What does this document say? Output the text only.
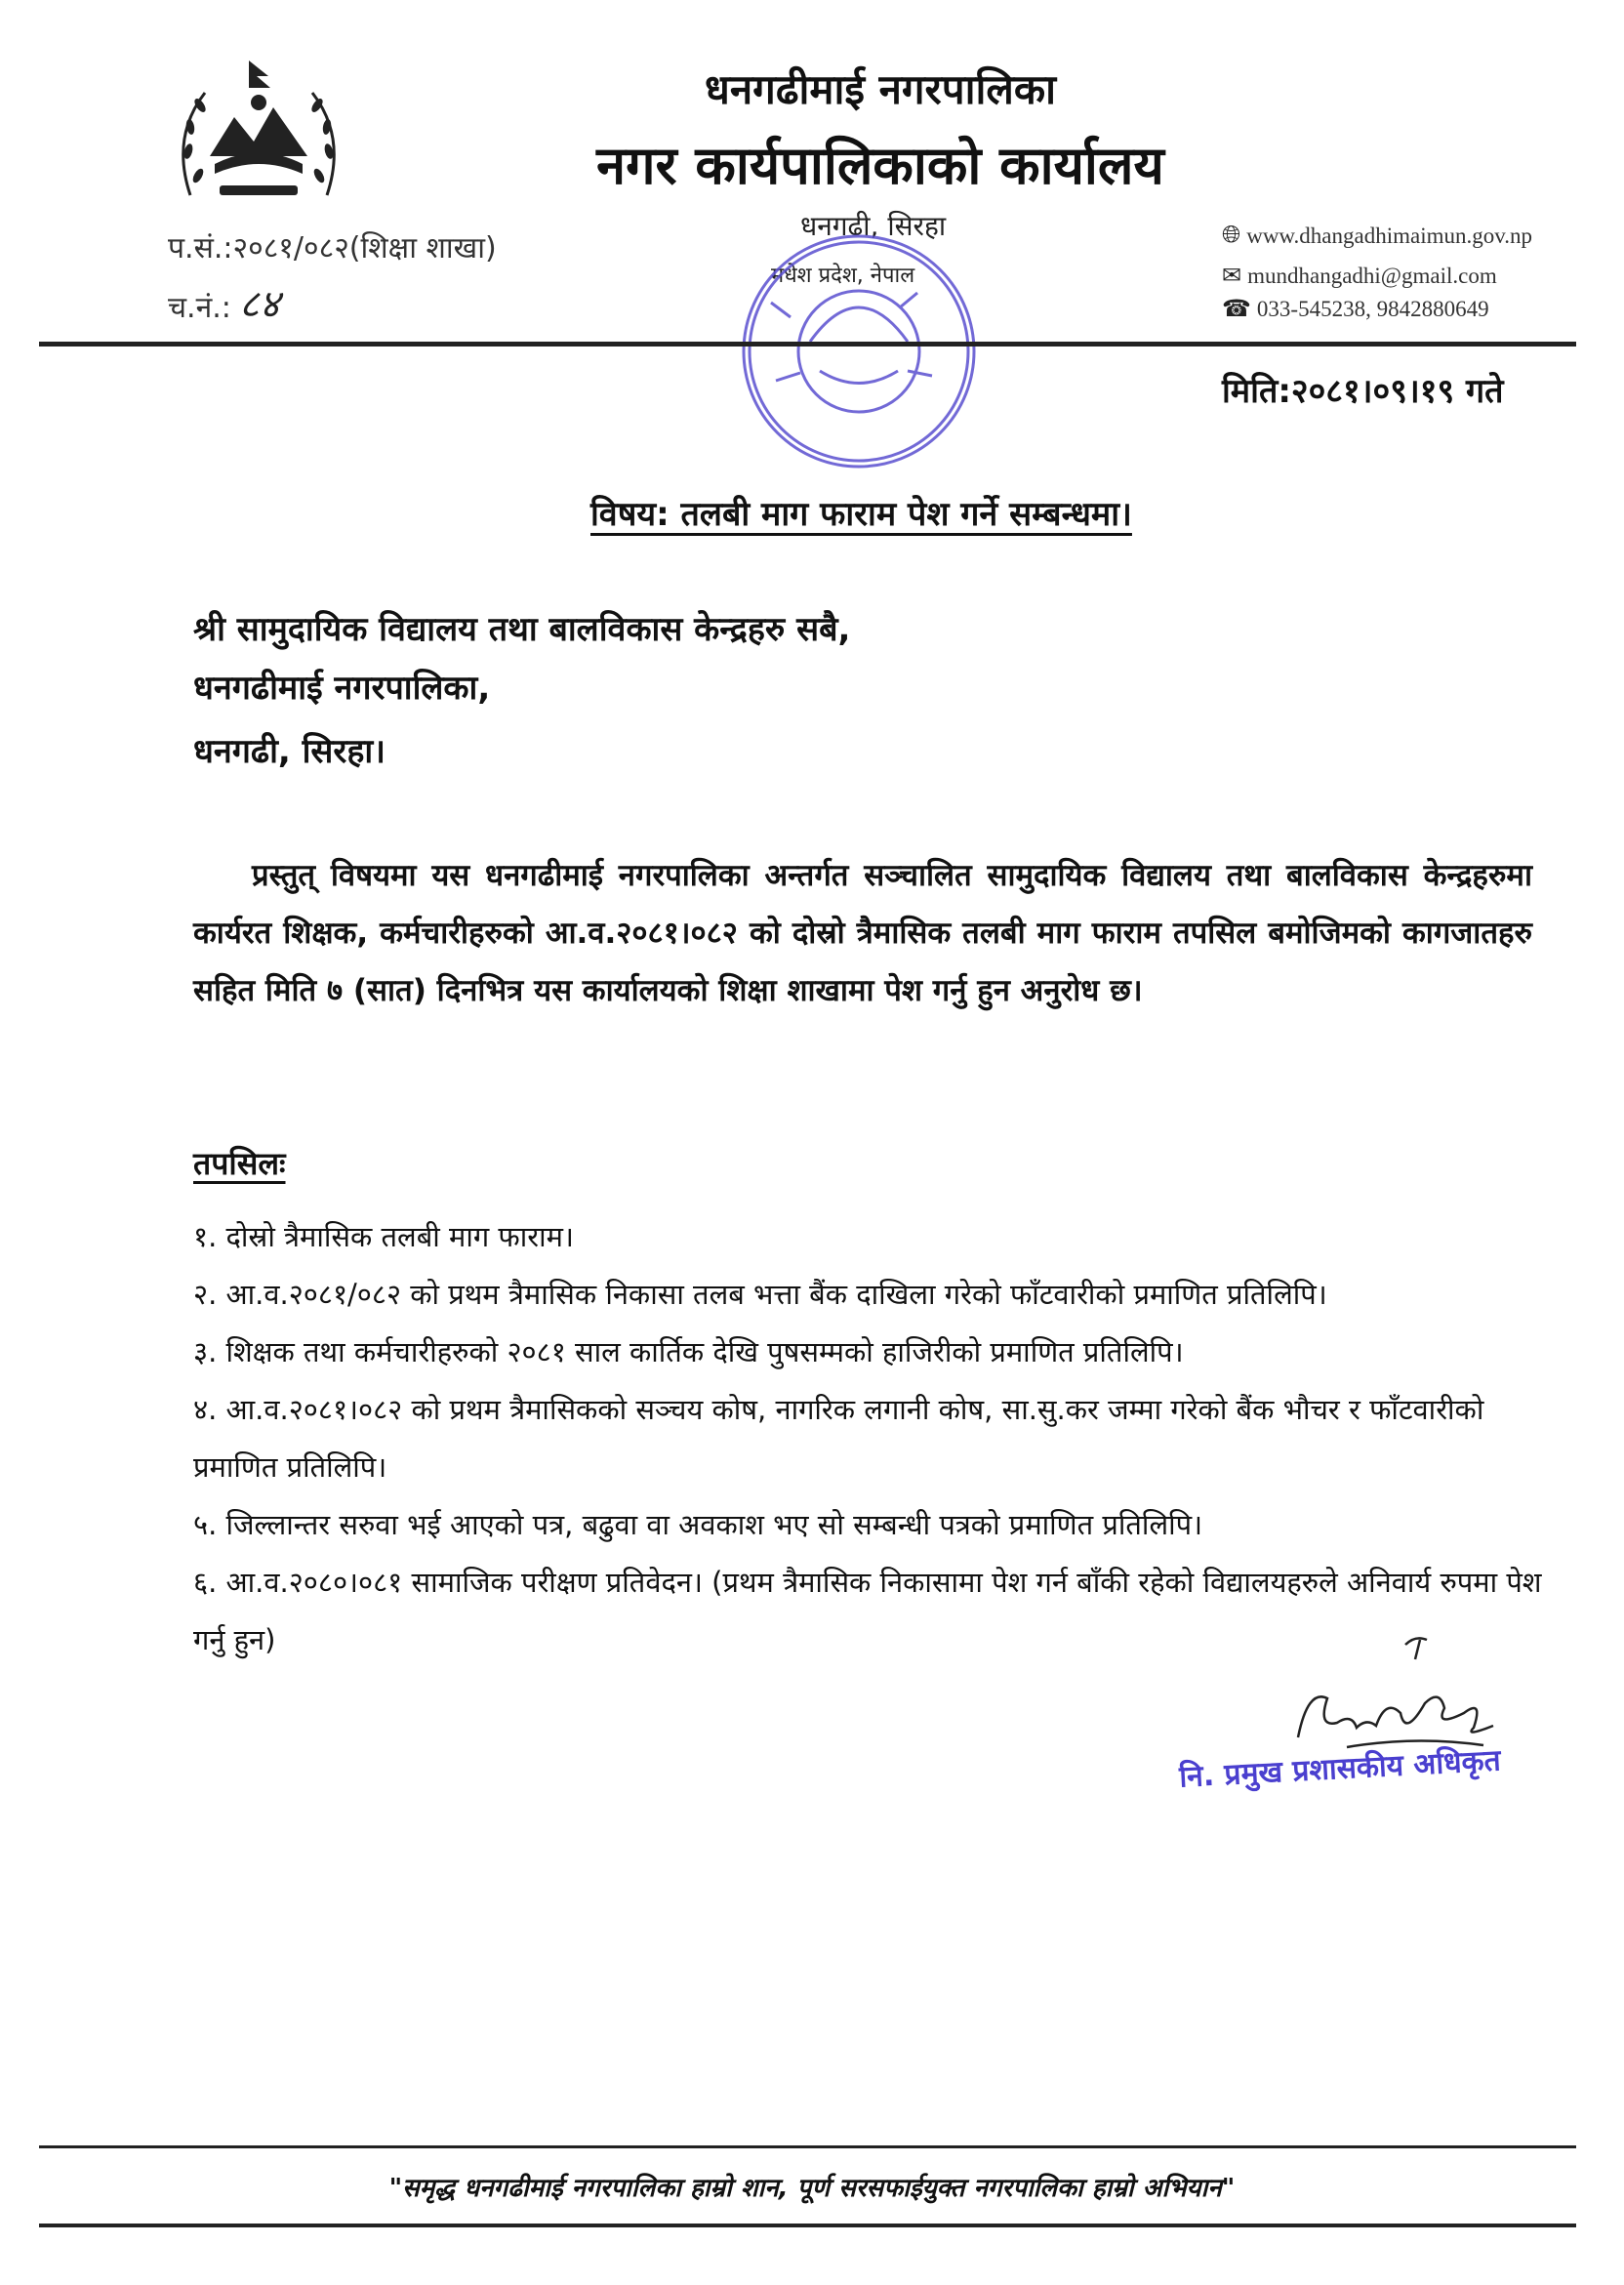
धनगढीमाई नगरपालिका
नगर कार्यपालिकाको कार्यालय
प.सं.:२०८१/०८२(शिक्षा शाखा)
च.नं.: ८४
धनगढी, सिरहा
मधेश प्रदेश, नेपाल
🌐︎ www.dhangadhimaimun.gov.np
✉ mundhangadhi@gmail.com
☎ 033-545238, 9842880649
मिति:२०८१।०९।१९ गते
विषय: तलबी माग फाराम पेश गर्ने सम्बन्धमा।
श्री सामुदायिक विद्यालय तथा बालविकास केन्द्रहरु सबै,
धनगढीमाई नगरपालिका,
धनगढी, सिरहा।
प्रस्तुत् विषयमा यस धनगढीमाई नगरपालिका अन्तर्गत सञ्चालित सामुदायिक विद्यालय तथा बालविकास केन्द्रहरुमा कार्यरत शिक्षक, कर्मचारीहरुको आ.व.२०८१।०८२ को दोस्रो त्रैमासिक तलबी माग फाराम तपसिल बमोजिमको कागजातहरु सहित मिति ७ (सात) दिनभित्र यस कार्यालयको शिक्षा शाखामा पेश गर्नु हुन अनुरोध छ।
तपसिलः
१. दोस्रो त्रैमासिक तलबी माग फाराम।
२. आ.व.२०८१/०८२ को प्रथम त्रैमासिक निकासा तलब भत्ता बैंक दाखिला गरेको फाँटवारीको प्रमाणित प्रतिलिपि।
३. शिक्षक तथा कर्मचारीहरुको २०८१ साल कार्तिक देखि पुषसम्मको हाजिरीको प्रमाणित प्रतिलिपि।
४. आ.व.२०८१।०८२ को प्रथम त्रैमासिकको सञ्चय कोष, नागरिक लगानी कोष, सा.सु.कर जम्मा गरेको बैंक भौचर र फाँटवारीको प्रमाणित प्रतिलिपि।
५. जिल्लान्तर सरुवा भई आएको पत्र, बढुवा वा अवकाश भए सो सम्बन्धी पत्रको प्रमाणित प्रतिलिपि।
६. आ.व.२०८०।०८१ सामाजिक परीक्षण प्रतिवेदन। (प्रथम त्रैमासिक निकासामा पेश गर्न बाँकी रहेको विद्यालयहरुले अनिवार्य रुपमा पेश गर्नु हुन)
नि. प्रमुख प्रशासकीय अधिकृत
"समृद्ध धनगढीमाई नगरपालिका हाम्रो शान, पूर्ण सरसफाईयुक्त नगरपालिका हाम्रो अभियान"
